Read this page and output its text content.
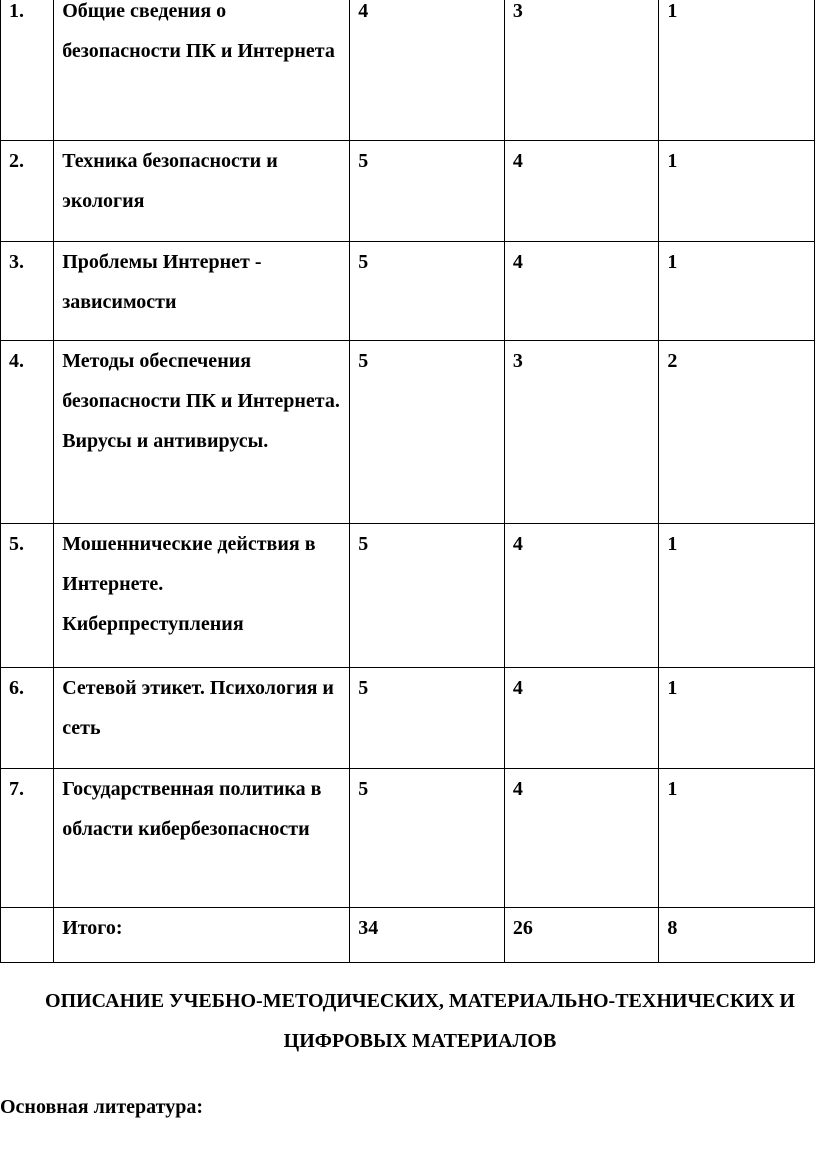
1.	Общие сведения о безопасности ПК и Интернета	4	3	1
2.	Техника безопасности и экология	5	4	1
3.	Проблемы Интернет - зависимости	5	4	1
4.	Методы обеспечения безопасности ПК и Интернета. Вирусы и антивирусы.	5	3	2
5.	Мошеннические действия в Интернете. Киберпреступления	5	4	1
6.	Сетевой этикет. Психология и сеть	5	4	1
7.	Государственная политика в области кибербезопасности	5	4	1
	Итого:	34	26	8

ОПИСАНИЕ УЧЕБНО-МЕТОДИЧЕСКИХ, МАТЕРИАЛЬНО-ТЕХНИЧЕСКИХ И ЦИФРОВЫХ МАТЕРИАЛОВ

Основная литература:
